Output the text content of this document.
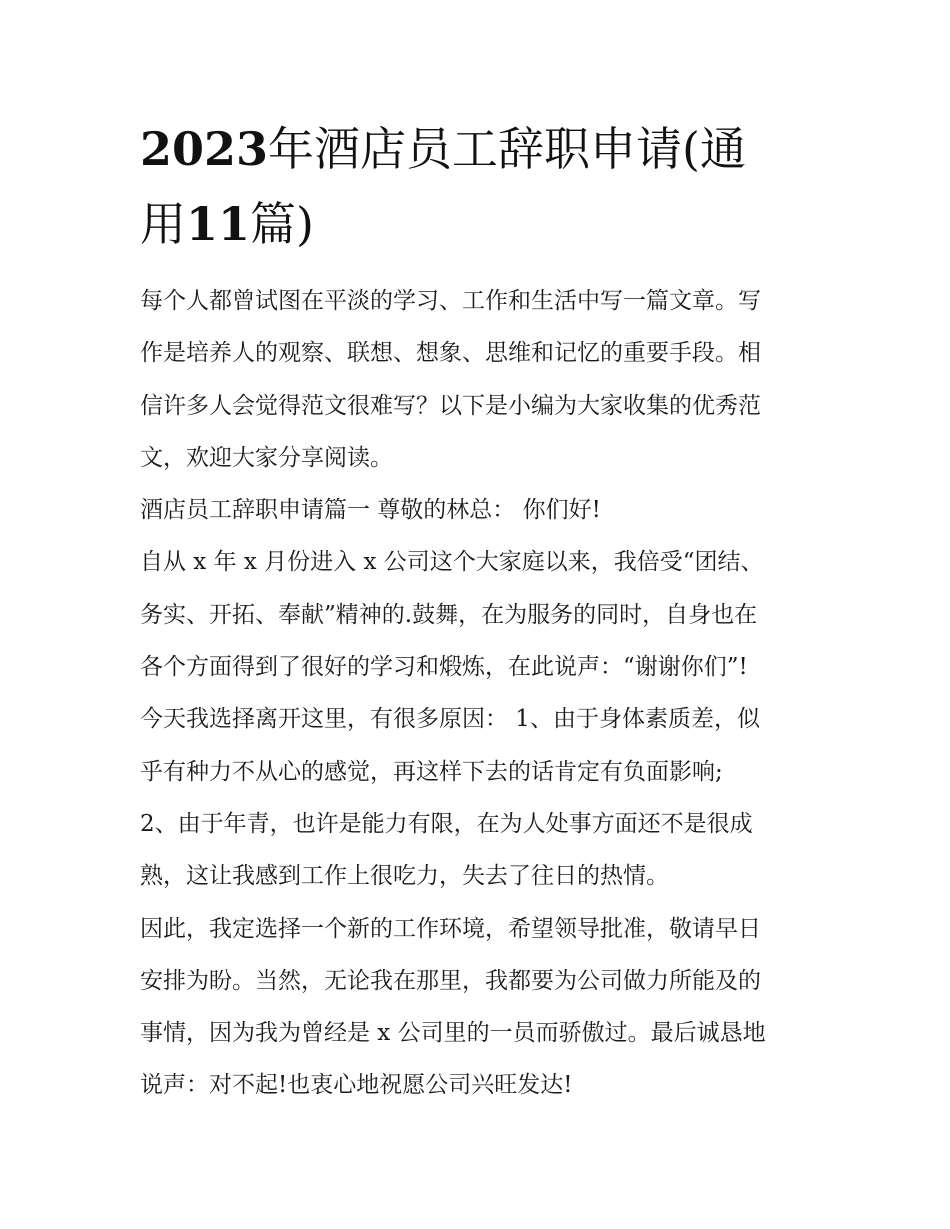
2023年酒店员工辞职申请(通
用11篇)
每个人都曾试图在平淡的学习、工作和生活中写一篇文章。写
作是培养人的观察、联想、想象、思维和记忆的重要手段。相
信许多人会觉得范文很难写？以下是小编为大家收集的优秀范
文，欢迎大家分享阅读。
酒店员工辞职申请篇一 尊敬的林总： 你们好!
自从 x 年 x 月份进入 x 公司这个大家庭以来，我倍受“团结、
务实、开拓、奉献”精神的.鼓舞，在为服务的同时，自身也在
各个方面得到了很好的学习和煅炼，在此说声：“谢谢你们”!
今天我选择离开这里，有很多原因： 1、由于身体素质差，似
乎有种力不从心的感觉，再这样下去的话肯定有负面影响;
2、由于年青，也许是能力有限，在为人处事方面还不是很成
熟，这让我感到工作上很吃力，失去了往日的热情。
因此，我定选择一个新的工作环境，希望领导批准，敬请早日
安排为盼。当然，无论我在那里，我都要为公司做力所能及的
事情，因为我为曾经是 x 公司里的一员而骄傲过。最后诚恳地
说声：对不起!也衷心地祝愿公司兴旺发达!
